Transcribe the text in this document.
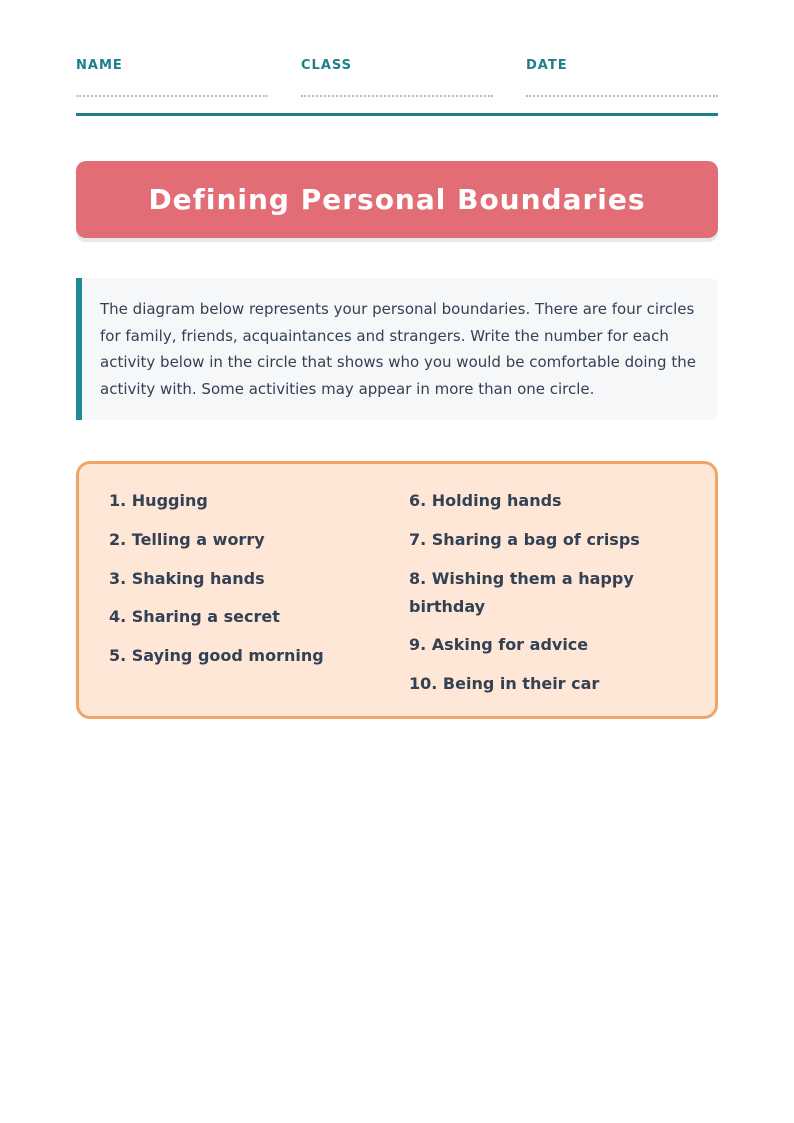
NAME	CLASS	DATE
Defining Personal Boundaries

The diagram below represents your personal boundaries. There are four circles for family, friends, acquaintances and strangers. Write the number for each activity below in the circle that shows who you would be comfortable doing the activity with. Some activities may appear in more than one circle.

1. Hugging
2. Telling a worry
3. Shaking hands
4. Sharing a secret
5. Saying good morning
6. Holding hands
7. Sharing a bag of crisps
8. Wishing them a happy birthday
9. Asking for advice
10. Being in their car
